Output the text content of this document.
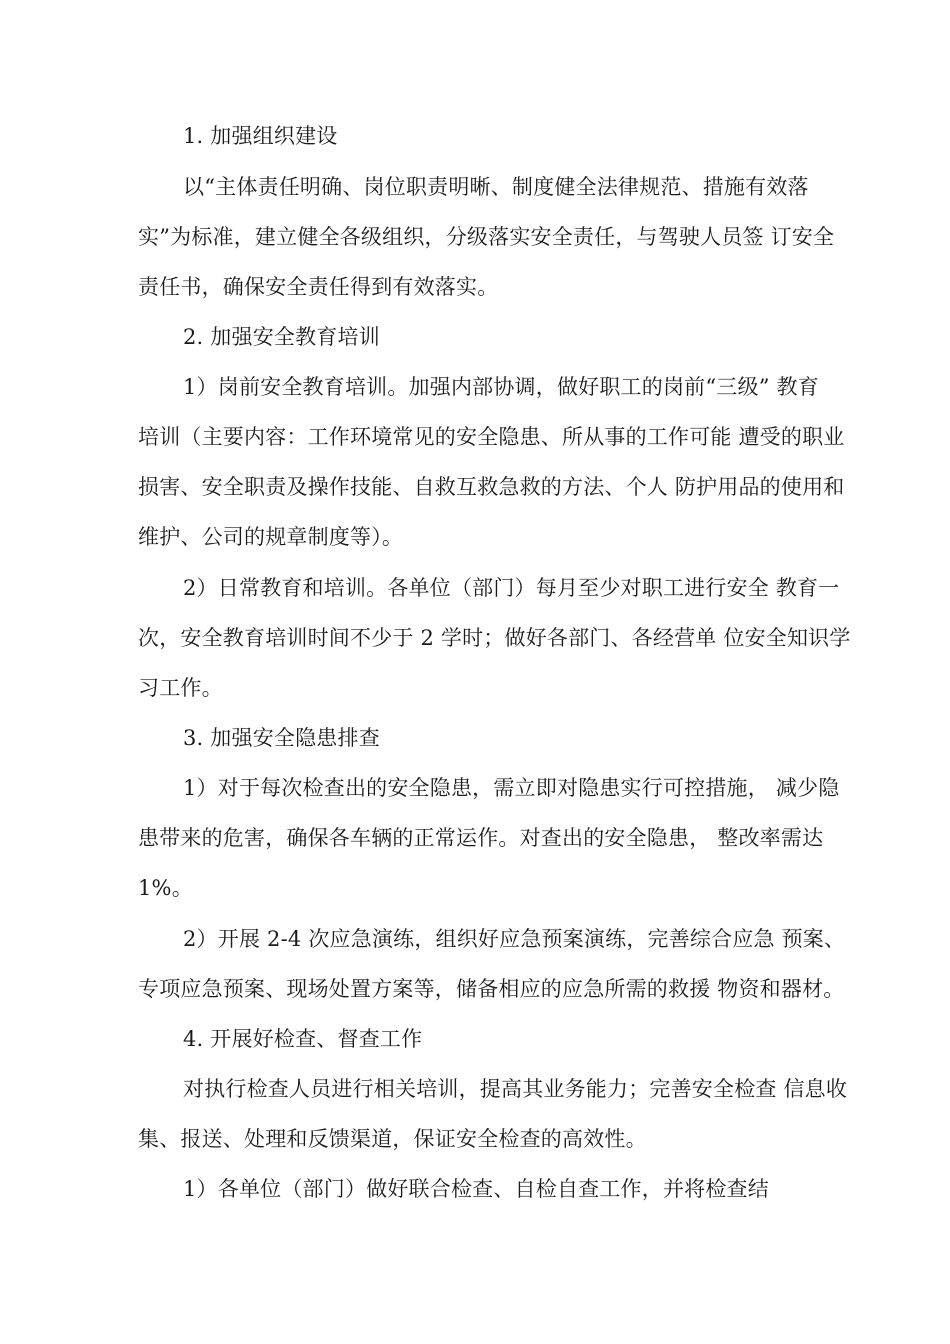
1. 加强组织建设
以“主体责任明确、岗位职责明晰、制度健全法律规范、措施有效落
实”为标准，建立健全各级组织，分级落实安全责任，与驾驶人员签 订安全
责任书，确保安全责任得到有效落实。
2. 加强安全教育培训
1）岗前安全教育培训。加强内部协调，做好职工的岗前“三级” 教育
培训（主要内容：工作环境常见的安全隐患、所从事的工作可能 遭受的职业
损害、安全职责及操作技能、自救互救急救的方法、个人 防护用品的使用和
维护、公司的规章制度等）。
2）日常教育和培训。各单位（部门）每月至少对职工进行安全 教育一
次，安全教育培训时间不少于 2 学时；做好各部门、各经营单 位安全知识学
习工作。
3. 加强安全隐患排查
1）对于每次检查出的安全隐患，需立即对隐患实行可控措施， 减少隐
患带来的危害，确保各车辆的正常运作。对查出的安全隐患， 整改率需达
1%。
2）开展 2-4 次应急演练，组织好应急预案演练，完善综合应急 预案、
专项应急预案、现场处置方案等，储备相应的应急所需的救援 物资和器材。
4. 开展好检查、督查工作
对执行检查人员进行相关培训，提高其业务能力；完善安全检查 信息收
集、报送、处理和反馈渠道，保证安全检查的高效性。
1）各单位（部门）做好联合检查、自检自查工作，并将检查结
